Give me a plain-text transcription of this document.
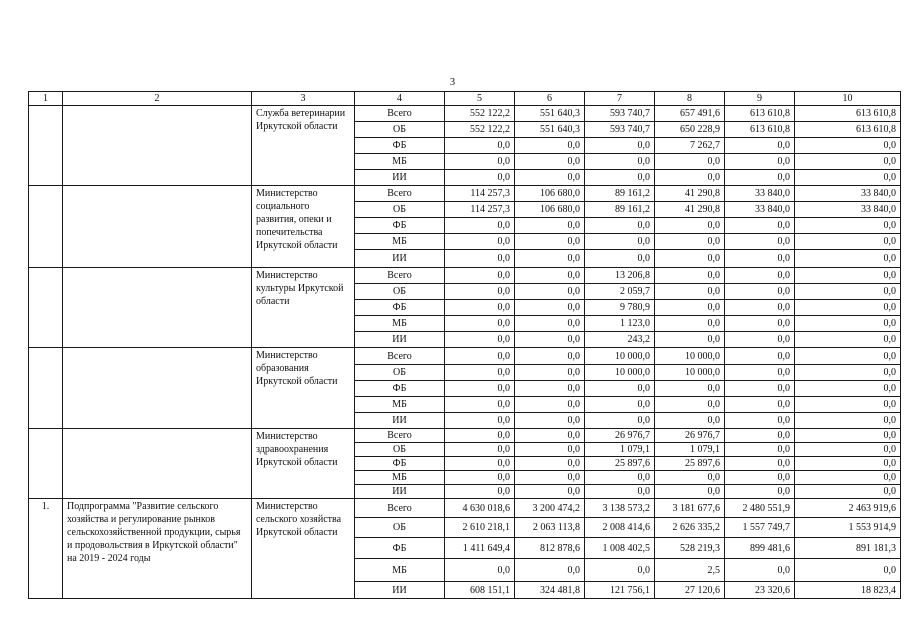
3
1	2	3	4	5	6	7	8	9	10
		Служба ветеринарии Иркутской области	Всего	552 122,2	551 640,3	593 740,7	657 491,6	613 610,8	613 610,8
			ОБ	552 122,2	551 640,3	593 740,7	650 228,9	613 610,8	613 610,8
			ФБ	0,0	0,0	0,0	7 262,7	0,0	0,0
			МБ	0,0	0,0	0,0	0,0	0,0	0,0
			ИИ	0,0	0,0	0,0	0,0	0,0	0,0
		Министерство социального развития, опеки и попечительства Иркутской области	Всего	114 257,3	106 680,0	89 161,2	41 290,8	33 840,0	33 840,0
			ОБ	114 257,3	106 680,0	89 161,2	41 290,8	33 840,0	33 840,0
			ФБ	0,0	0,0	0,0	0,0	0,0	0,0
			МБ	0,0	0,0	0,0	0,0	0,0	0,0
			ИИ	0,0	0,0	0,0	0,0	0,0	0,0
		Министерство культуры Иркутской области	Всего	0,0	0,0	13 206,8	0,0	0,0	0,0
			ОБ	0,0	0,0	2 059,7	0,0	0,0	0,0
			ФБ	0,0	0,0	9 780,9	0,0	0,0	0,0
			МБ	0,0	0,0	1 123,0	0,0	0,0	0,0
			ИИ	0,0	0,0	243,2	0,0	0,0	0,0
		Министерство образования Иркутской области	Всего	0,0	0,0	10 000,0	10 000,0	0,0	0,0
			ОБ	0,0	0,0	10 000,0	10 000,0	0,0	0,0
			ФБ	0,0	0,0	0,0	0,0	0,0	0,0
			МБ	0,0	0,0	0,0	0,0	0,0	0,0
			ИИ	0,0	0,0	0,0	0,0	0,0	0,0
		Министерство здравоохранения Иркутской области	Всего	0,0	0,0	26 976,7	26 976,7	0,0	0,0
			ОБ	0,0	0,0	1 079,1	1 079,1	0,0	0,0
			ФБ	0,0	0,0	25 897,6	25 897,6	0,0	0,0
			МБ	0,0	0,0	0,0	0,0	0,0	0,0
			ИИ	0,0	0,0	0,0	0,0	0,0	0,0
1.	Подпрограмма "Развитие сельского хозяйства и регулирование рынков сельскохозяйственной продукции, сырья и продовольствия в Иркутской области" на 2019 - 2024 годы	Министерство сельского хозяйства Иркутской области	Всего	4 630 018,6	3 200 474,2	3 138 573,2	3 181 677,6	2 480 551,9	2 463 919,6
			ОБ	2 610 218,1	2 063 113,8	2 008 414,6	2 626 335,2	1 557 749,7	1 553 914,9
			ФБ	1 411 649,4	812 878,6	1 008 402,5	528 219,3	899 481,6	891 181,3
			МБ	0,0	0,0	0,0	2,5	0,0	0,0
			ИИ	608 151,1	324 481,8	121 756,1	27 120,6	23 320,6	18 823,4
